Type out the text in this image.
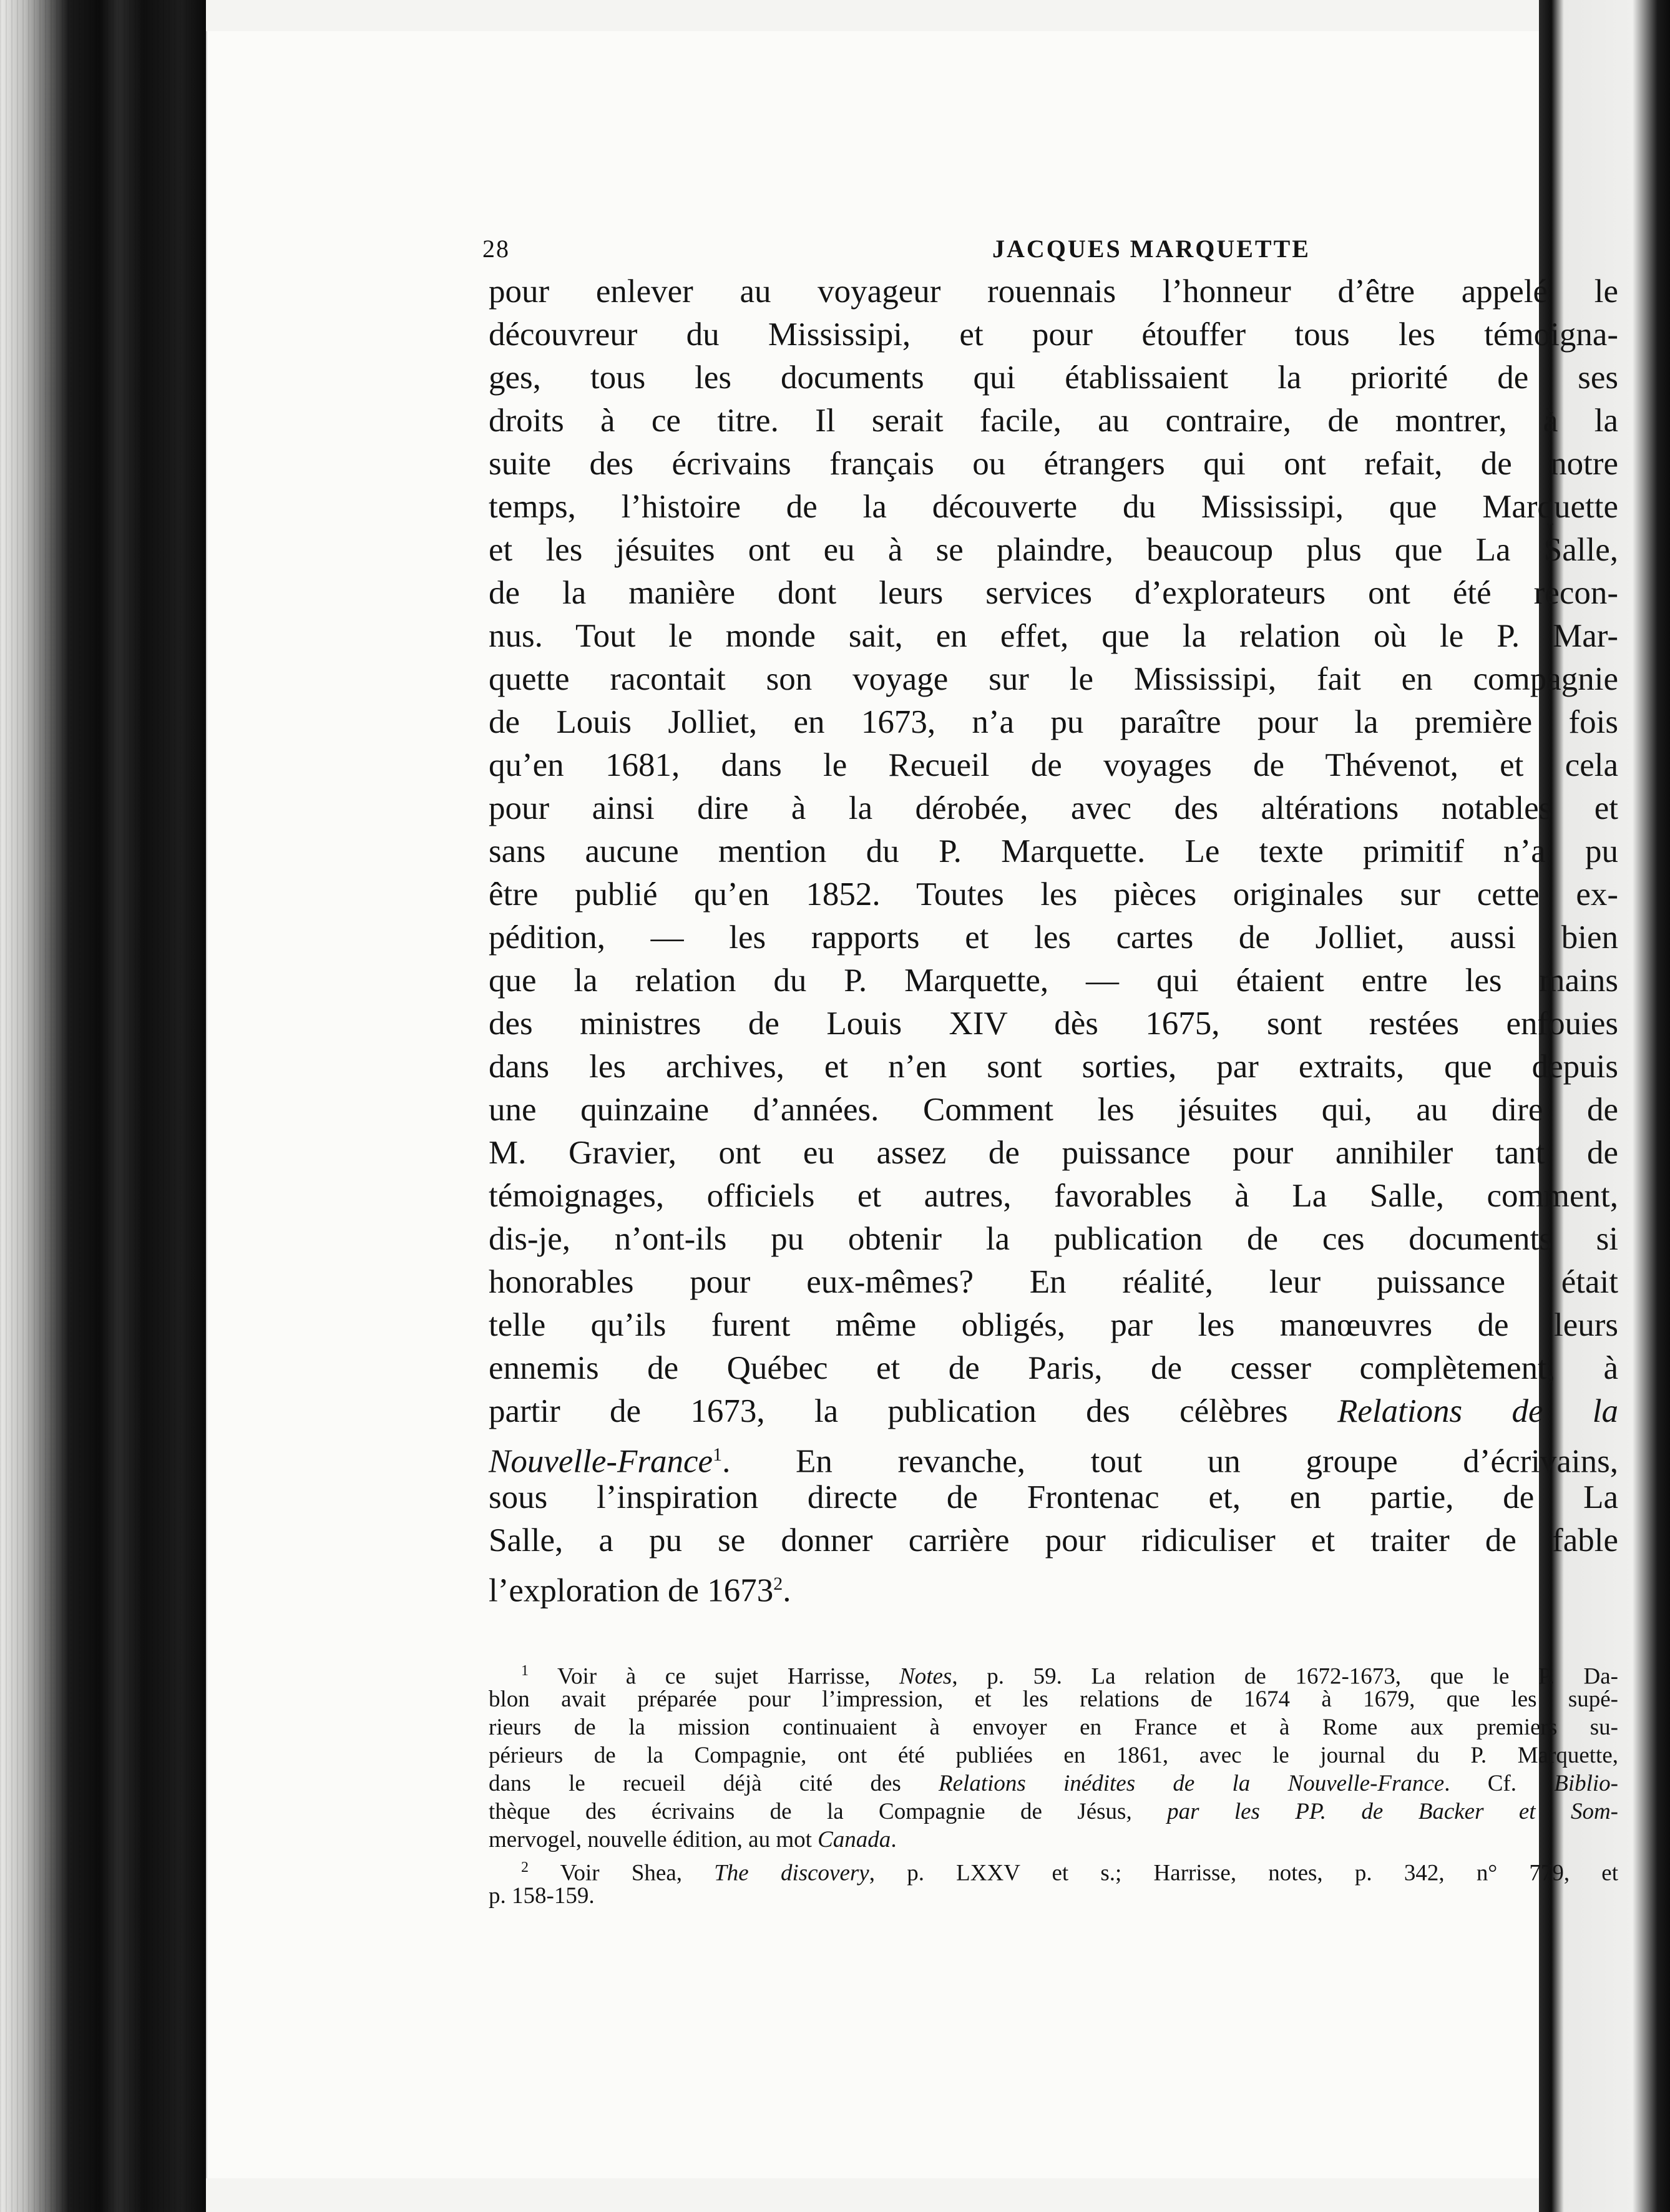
28	JACQUES MARQUETTE
pour enlever au voyageur rouennais l’honneur d’être appelé le
découvreur du Mississipi, et pour étouffer tous les témoigna-
ges, tous les documents qui établissaient la priorité de ses
droits à ce titre. Il serait facile, au contraire, de montrer, à la
suite des écrivains français ou étrangers qui ont refait, de notre
temps, l’histoire de la découverte du Mississipi, que Marquette
et les jésuites ont eu à se plaindre, beaucoup plus que La Salle,
de la manière dont leurs services d’explorateurs ont été recon-
nus. Tout le monde sait, en effet, que la relation où le P. Mar-
quette racontait son voyage sur le Mississipi, fait en compagnie
de Louis Jolliet, en 1673, n’a pu paraître pour la première fois
qu’en 1681, dans le Recueil de voyages de Thévenot, et cela
pour ainsi dire à la dérobée, avec des altérations notables et
sans aucune mention du P. Marquette. Le texte primitif n’a pu
être publié qu’en 1852. Toutes les pièces originales sur cette ex-
pédition, — les rapports et les cartes de Jolliet, aussi bien
que la relation du P. Marquette, — qui étaient entre les mains
des ministres de Louis XIV dès 1675, sont restées enfouies
dans les archives, et n’en sont sorties, par extraits, que depuis
une quinzaine d’années. Comment les jésuites qui, au dire de
M. Gravier, ont eu assez de puissance pour annihiler tant de
témoignages, officiels et autres, favorables à La Salle, comment,
dis-je, n’ont-ils pu obtenir la publication de ces documents si
honorables pour eux-mêmes? En réalité, leur puissance était
telle qu’ils furent même obligés, par les manœuvres de leurs
ennemis de Québec et de Paris, de cesser complètement, à
partir de 1673, la publication des célèbres Relations de la
Nouvelle-France$^1$. En revanche, tout un groupe d’écrivains,
sous l’inspiration directe de Frontenac et, en partie, de La
Salle, a pu se donner carrière pour ridiculiser et traiter de fable
l’exploration de 1673$^2$.
$^1$ Voir à ce sujet Harrisse, Notes, p. 59. La relation de 1672-1673, que le P. Da-
blon avait préparée pour l’impression, et les relations de 1674 à 1679, que les supé-
rieurs de la mission continuaient à envoyer en France et à Rome aux premiers su-
périeurs de la Compagnie, ont été publiées en 1861, avec le journal du P. Marquette,
dans le recueil déjà cité des Relations inédites de la Nouvelle-France. Cf. Biblio-
thèque des écrivains de la Compagnie de Jésus, par les PP. de Backer et Som-
mervogel, nouvelle édition, au mot Canada.
$^2$ Voir Shea, The discovery, p. LXXV et s.; Harrisse, notes, p. 342, n° 779, et
p. 158-159.
